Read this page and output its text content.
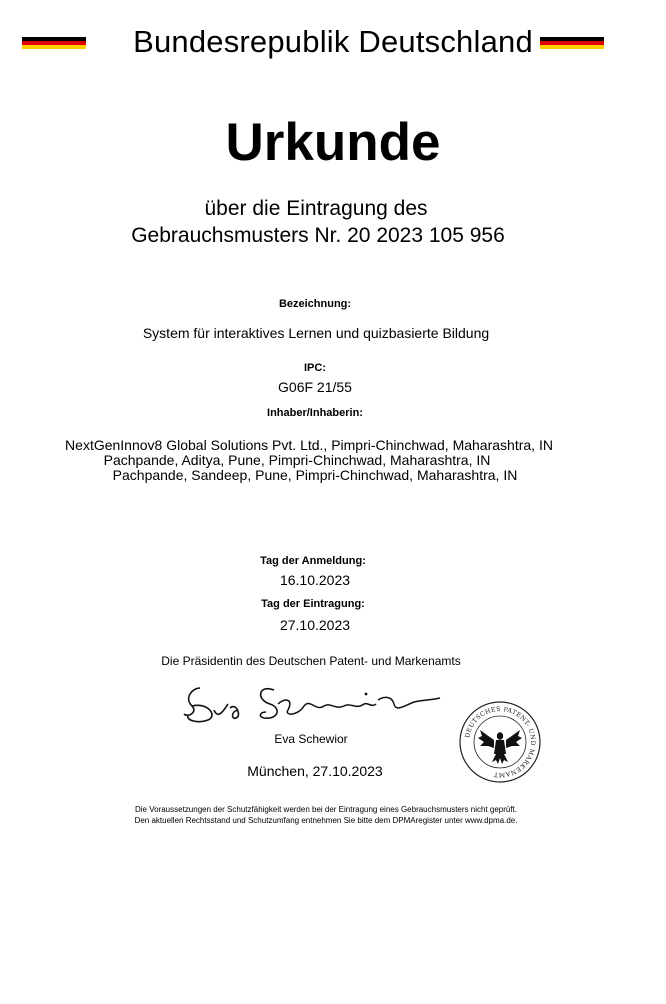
Bundesrepublik Deutschland
Urkunde
über die Eintragung des
Gebrauchsmusters Nr. 20 2023 105 956
Bezeichnung:
System für interaktives Lernen und quizbasierte Bildung
IPC:
G06F 21/55
Inhaber/Inhaberin:
NextGenInnov8 Global Solutions Pvt. Ltd., Pimpri-Chinchwad, Maharashtra, IN
Pachpande, Aditya, Pune, Pimpri-Chinchwad, Maharashtra, IN
Pachpande, Sandeep, Pune, Pimpri-Chinchwad, Maharashtra, IN
Tag der Anmeldung:
16.10.2023
Tag der Eintragung:
27.10.2023
Die Präsidentin des Deutschen Patent- und Markenamts
Eva Schewior
München, 27.10.2023
DEUTSCHES PATENT- UND MARKENAMT
Die Voraussetzungen der Schutzfähigkeit werden bei der Eintragung eines Gebrauchsmusters nicht geprüft.
Den aktuellen Rechtsstand und Schutzumfang entnehmen Sie bitte dem DPMAregister unter www.dpma.de.
